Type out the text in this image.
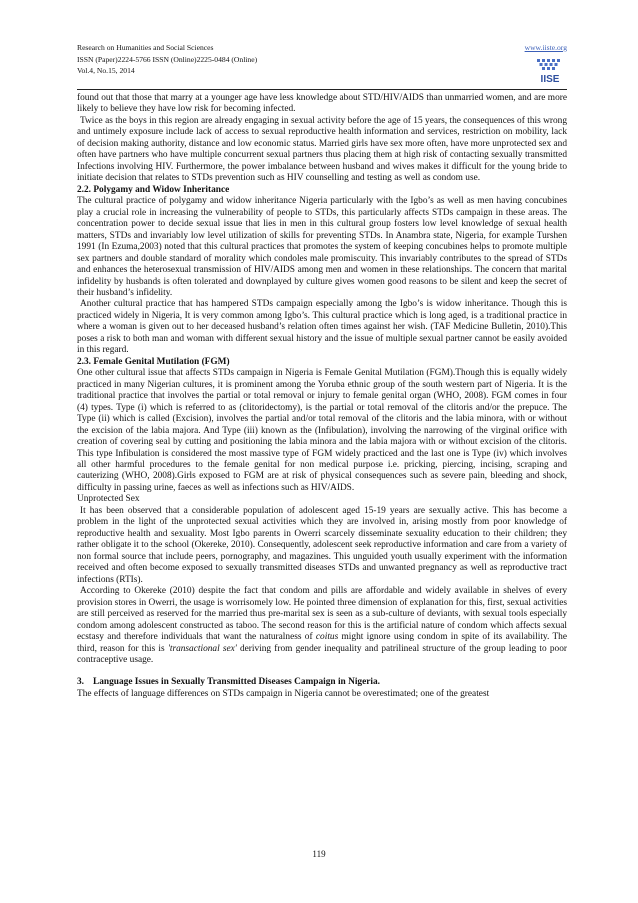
Research on Humanities and Social Sciences
ISSN (Paper)2224-5766 ISSN (Online)2225-0484 (Online)
Vol.4, No.15, 2014
www.iiste.org
IISE

found out that those that marry at a younger age have less knowledge about STD/HIV/AIDS than unmarried women, and are more likely to believe they have low risk for becoming infected.

Twice as the boys in this region are already engaging in sexual activity before the age of 15 years, the consequences of this wrong and untimely exposure include lack of access to sexual reproductive health information and services, restriction on mobility, lack of decision making authority, distance and low economic status. Married girls have sex more often, have more unprotected sex and often have partners who have multiple concurrent sexual partners thus placing them at high risk of contacting sexually transmitted Infections involving HIV. Furthermore, the power imbalance between husband and wives makes it difficult for the young bride to initiate decision that relates to STDs prevention such as HIV counselling and testing as well as condom use.

2.2. Polygamy and Widow Inheritance

The cultural practice of polygamy and widow inheritance Nigeria particularly with the Igbo’s as well as men having concubines play a crucial role in increasing the vulnerability of people to STDs, this particularly affects STDs campaign in these areas. The concentration power to decide sexual issue that lies in men in this cultural group fosters low level knowledge of sexual health matters, STDs and invariably low level utilization of skills for preventing STDs. In Anambra state, Nigeria, for example Turshen 1991 (In Ezuma,2003) noted that this cultural practices that promotes the system of keeping concubines helps to promote multiple sex partners and double standard of morality which condoles male promiscuity. This invariably contributes to the spread of STDs and enhances the heterosexual transmission of HIV/AIDS among men and women in these relationships. The concern that marital infidelity by husbands is often tolerated and downplayed by culture gives women good reasons to be silent and keep the secret of their husband’s infidelity.

Another cultural practice that has hampered STDs campaign especially among the Igbo’s is widow inheritance. Though this is practiced widely in Nigeria, It is very common among Igbo’s. This cultural practice which is long aged, is a traditional practice in where a woman is given out to her deceased husband’s relation often times against her wish. (TAF Medicine Bulletin, 2010).This poses a risk to both man and woman with different sexual history and the issue of multiple sexual partner cannot be easily avoided in this regard.

2.3. Female Genital Mutilation (FGM)

One other cultural issue that affects STDs campaign in Nigeria is Female Genital Mutilation (FGM).Though this is equally widely practiced in many Nigerian cultures, it is prominent among the Yoruba ethnic group of the south western part of Nigeria. It is the traditional practice that involves the partial or total removal or injury to female genital organ (WHO, 2008). FGM comes in four (4) types. Type (i) which is referred to as (clitoridectomy), is the partial or total removal of the clitoris and/or the prepuce. The Type (ii) which is called (Excision), involves the partial and/or total removal of the clitoris and the labia minora, with or without the excision of the labia majora. And Type (iii) known as the (Infibulation), involving the narrowing of the virginal orifice with creation of covering seal by cutting and positioning the labia minora and the labia majora with or without excision of the clitoris. This type Infibulation is considered the most massive type of FGM widely practiced and the last one is Type (iv) which involves all other harmful procedures to the female genital for non medical purpose i.e. pricking, piercing, incising, scraping and cauterizing (WHO, 2008).Girls exposed to FGM are at risk of physical consequences such as severe pain, bleeding and shock, difficulty in passing urine, faeces as well as infections such as HIV/AIDS.

Unprotected Sex

It has been observed that a considerable population of adolescent aged 15-19 years are sexually active. This has become a problem in the light of the unprotected sexual activities which they are involved in, arising mostly from poor knowledge of reproductive health and sexuality. Most Igbo parents in Owerri scarcely disseminate sexuality education to their children; they rather obligate it to the school (Okereke, 2010). Consequently, adolescent seek reproductive information and care from a variety of non formal source that include peers, pornography, and magazines. This unguided youth usually experiment with the information received and often become exposed to sexually transmitted diseases STDs and unwanted pregnancy as well as reproductive tract infections (RTIs).

According to Okereke (2010) despite the fact that condom and pills are affordable and widely available in shelves of every provision stores in Owerri, the usage is worrisomely low. He pointed three dimension of explanation for this, first, sexual activities are still perceived as reserved for the married thus pre-marital sex is seen as a sub-culture of deviants, with sexual tools especially condom among adolescent constructed as taboo. The second reason for this is the artificial nature of condom which affects sexual ecstasy and therefore individuals that want the naturalness of coitus might ignore using condom in spite of its availability. The third, reason for this is 'transactional sex' deriving from gender inequality and patrilineal structure of the group leading to poor contraceptive usage.

3. Language Issues in Sexually Transmitted Diseases Campaign in Nigeria.

The effects of language differences on STDs campaign in Nigeria cannot be overestimated; one of the greatest

119
